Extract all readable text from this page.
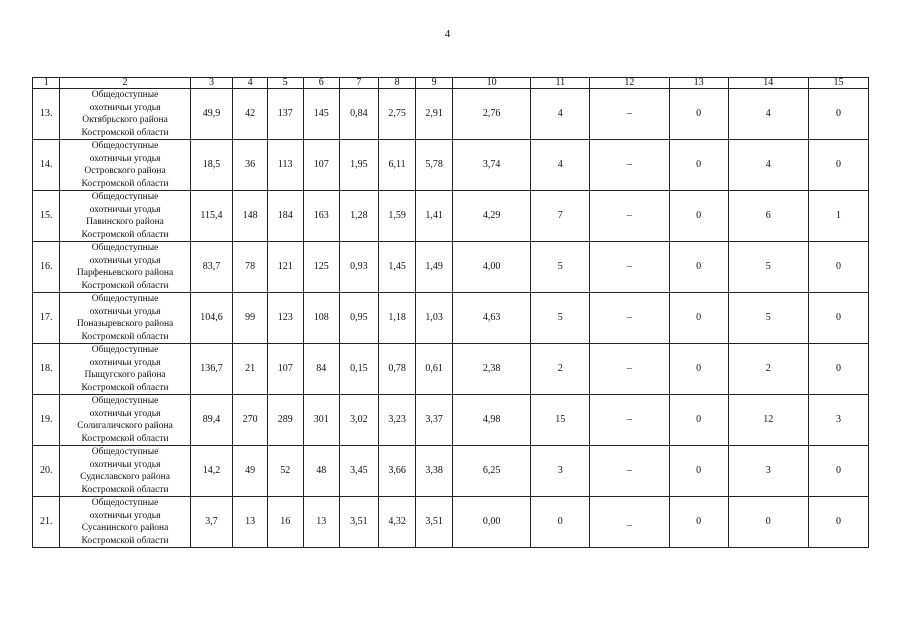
4
1	2	3	4	5	6	7	8	9	10	11	12	13	14	15
13.	Общедоступные
охотничьи угодья
Октябрьского района
Костромской области	49,9	42	137	145	0,84	2,75	2,91	2,76	4	–	0	4	0
14.	Общедоступные
охотничьи угодья
Островского района
Костромской области	18,5	36	113	107	1,95	6,11	5,78	3,74	4	–	0	4	0
15.	Общедоступные
охотничьи угодья
Павинского района
Костромской области	115,4	148	184	163	1,28	1,59	1,41	4,29	7	–	0	6	1
16.	Общедоступные
охотничьи угодья
Парфеньевского района
Костромской области	83,7	78	121	125	0,93	1,45	1,49	4,00	5	–	0	5	0
17.	Общедоступные
охотничьи угодья
Поназыревского района
Костромской области	104,6	99	123	108	0,95	1,18	1,03	4,63	5	–	0	5	0
18.	Общедоступные
охотничьи угодья
Пыщугского района
Костромской области	136,7	21	107	84	0,15	0,78	0,61	2,38	2	–	0	2	0
19.	Общедоступные
охотничьи угодья
Солигаличского района
Костромской области	89,4	270	289	301	3,02	3,23	3,37	4,98	15	–	0	12	3
20.	Общедоступные
охотничьи угодья
Судиславского района
Костромской области	14,2	49	52	48	3,45	3,66	3,38	6,25	3	–	0	3	0
21.	Общедоступные
охотничьи угодья
Сусанинского района
Костромской области	3,7	13	16	13	3,51	4,32	3,51	0,00	0	_	0	0	0
